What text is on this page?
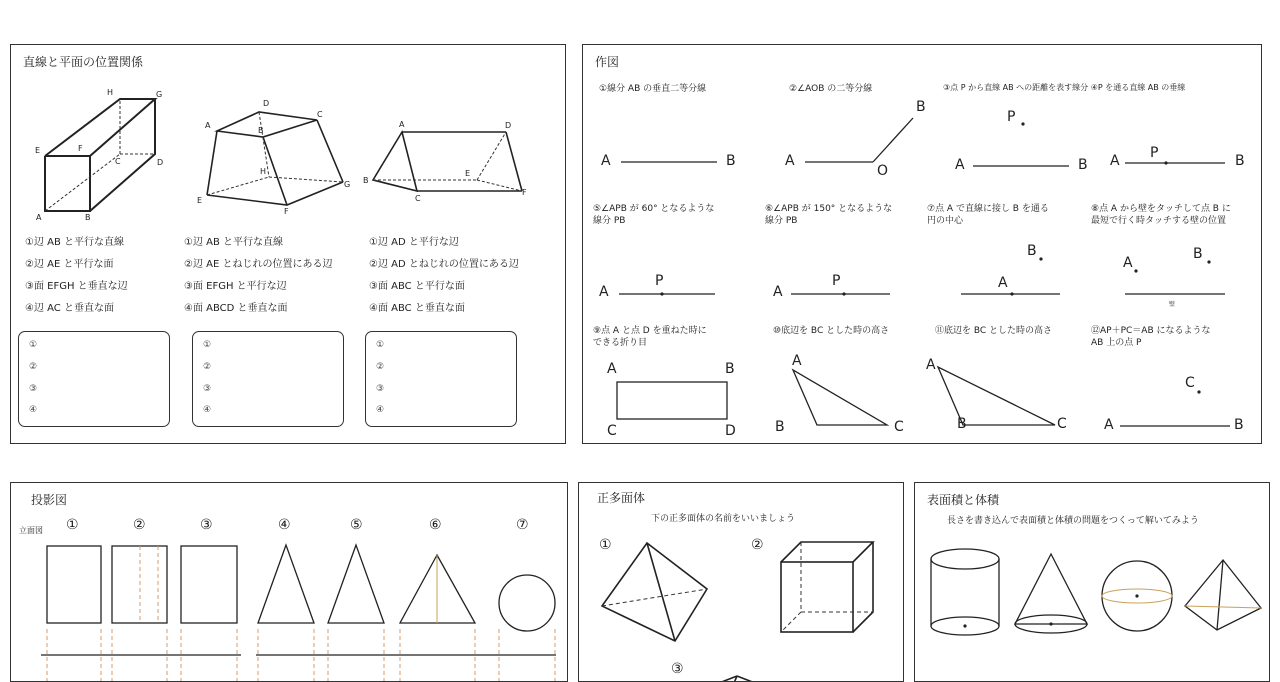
直線と平面の位置関係
A	B
E	F
H	G
C	D
A
D
C
B
H
E
F
G
A	D
B
C
E
F
①辺 AB と平行な直線
②辺 AE と平行な面
③面 EFGH と垂直な辺
④辺 AC と垂直な面
①辺 AB と平行な直線
②辺 AE とねじれの位置にある辺
③面 EFGH と平行な辺
④面 ABCD と垂直な面
①辺 AD と平行な辺
②辺 AD とねじれの位置にある辺
③面 ABC と平行な面
④面 ABC と垂直な面
①
②
③
④
①
②
③
④
①
②
③
④
作図
①線分 AB の垂直二等分線	②∠AOB の二等分線	③点 P から直線 AB への距離を表す線分 ④P を通る直線 AB の垂線
⑤∠APB が 60° となるような
線分 PB
⑥∠APB が 150° となるような
線分 PB
⑦点 A で直線に接し B を通る
円の中心
⑧点 A から壁をタッチして点 B に
最短で行く時タッチする壁の位置
⑨点 A と点 D を重ねた時に
できる折り目
⑩底辺を BC とした時の高さ	⑪底辺を BC とした時の高さ	⑫AP＋PC＝AB になるような
AB 上の点 P
A	B	A
O
B
P
A	B A P	B
A
P
A
P
B
A
A
B
壁
A	B
C	D
A
B	C
A
B	C
C
A	B
投影図
立面図 ①	②	③	④	⑤	⑥	⑦
正多面体
下の正多面体の名前をいいましょう
①	②
③
表面積と体積
長さを書き込んで表面積と体積の問題をつくって解いてみよう
